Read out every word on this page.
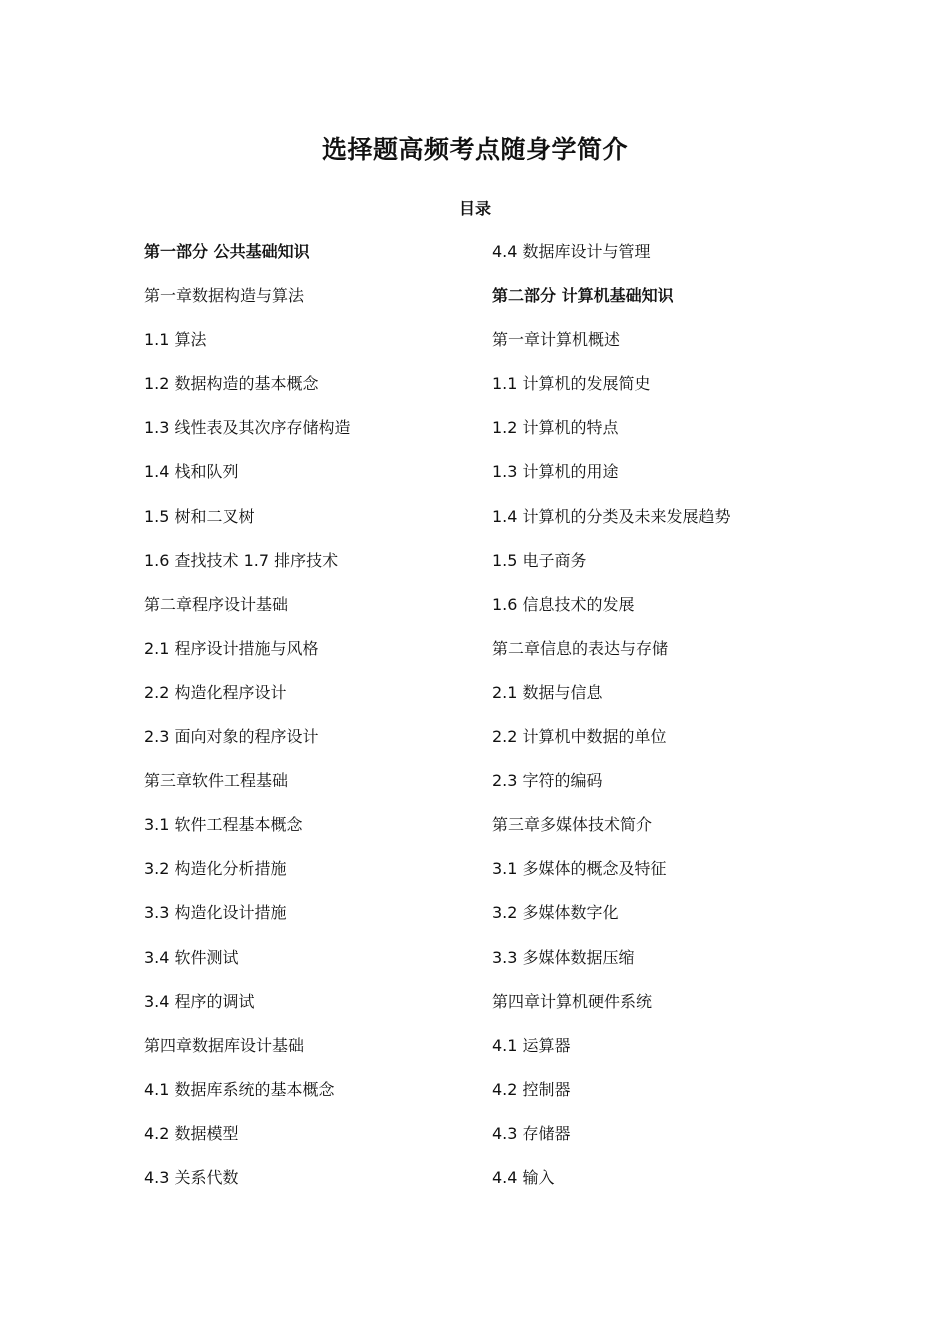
选择题高频考点随身学简介
目录
第一部分 公共基础知识
第一章数据构造与算法
1.1 算法
1.2 数据构造的基本概念
1.3 线性表及其次序存储构造
1.4 栈和队列
1.5 树和二叉树
1.6 查找技术 1.7 排序技术
第二章程序设计基础
2.1 程序设计措施与风格
2.2 构造化程序设计
2.3 面向对象的程序设计
第三章软件工程基础
3.1 软件工程基本概念
3.2 构造化分析措施
3.3 构造化设计措施
3.4 软件测试
3.4 程序的调试
第四章数据库设计基础
4.1 数据库系统的基本概念
4.2 数据模型
4.3 关系代数
4.4 数据库设计与管理
第二部分 计算机基础知识
第一章计算机概述
1.1 计算机的发展简史
1.2 计算机的特点
1.3 计算机的用途
1.4 计算机的分类及未来发展趋势
1.5 电子商务
1.6 信息技术的发展
第二章信息的表达与存储
2.1 数据与信息
2.2 计算机中数据的单位
2.3 字符的编码
第三章多媒体技术简介
3.1 多媒体的概念及特征
3.2 多媒体数字化
3.3 多媒体数据压缩
第四章计算机硬件系统
4.1 运算器
4.2 控制器
4.3 存储器
4.4 输入
